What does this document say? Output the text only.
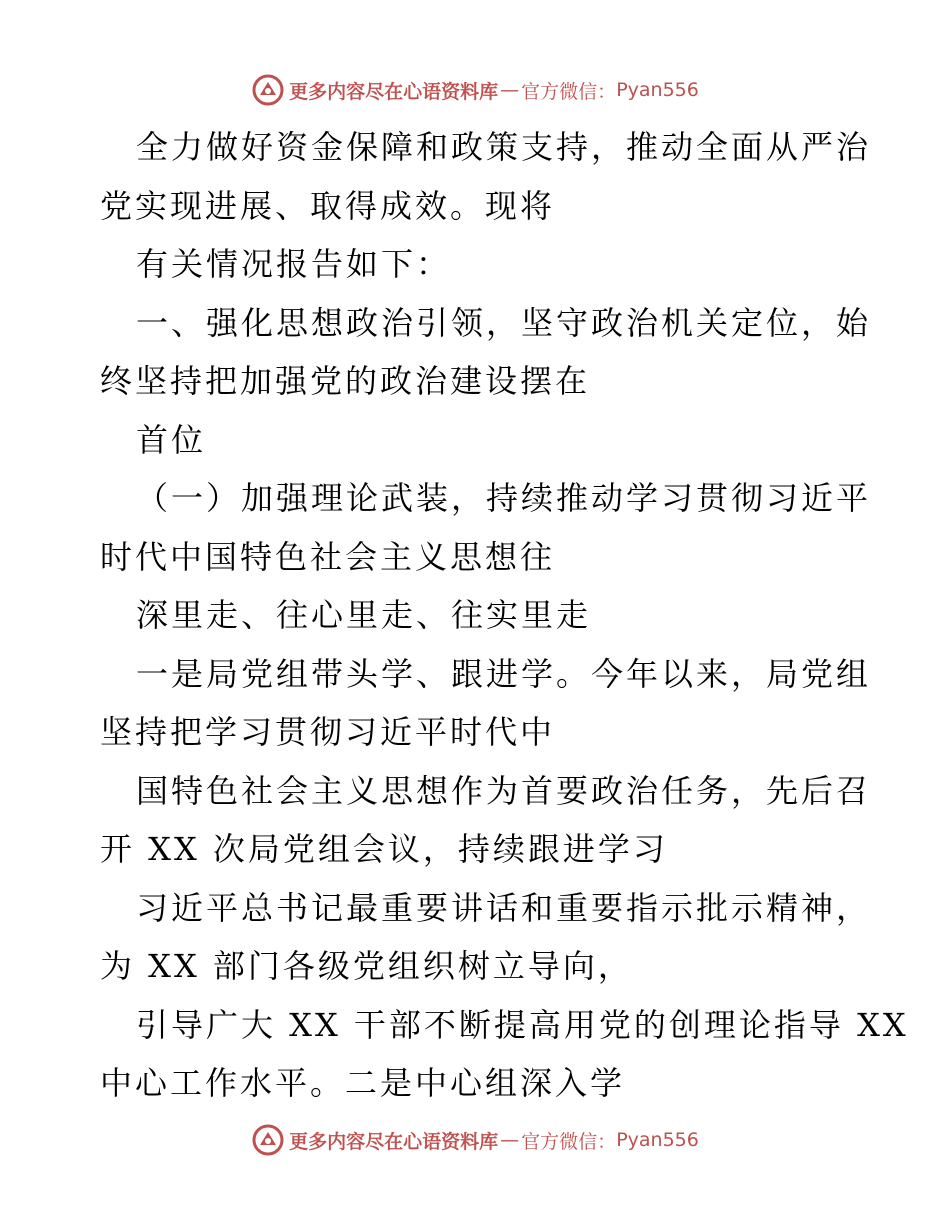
更多内容尽在心语资料库 — 官方微信： Pyan556
全力做好资金保障和政策支持，推动全面从严治
党实现进展、取得成效。现将
有关情况报告如下：
一、强化思想政治引领，坚守政治机关定位，始
终坚持把加强党的政治建设摆在
首位
（一）加强理论武装，持续推动学习贯彻习近平
时代中国特色社会主义思想往
深里走、往心里走、往实里走
一是局党组带头学、跟进学。今年以来，局党组
坚持把学习贯彻习近平时代中
国特色社会主义思想作为首要政治任务，先后召
开 XX 次局党组会议，持续跟进学习
习近平总书记最重要讲话和重要指示批示精神，
为 XX 部门各级党组织树立导向，
引导广大 XX 干部不断提高用党的创理论指导 XX
中心工作水平。二是中心组深入学
更多内容尽在心语资料库 — 官方微信： Pyan556
